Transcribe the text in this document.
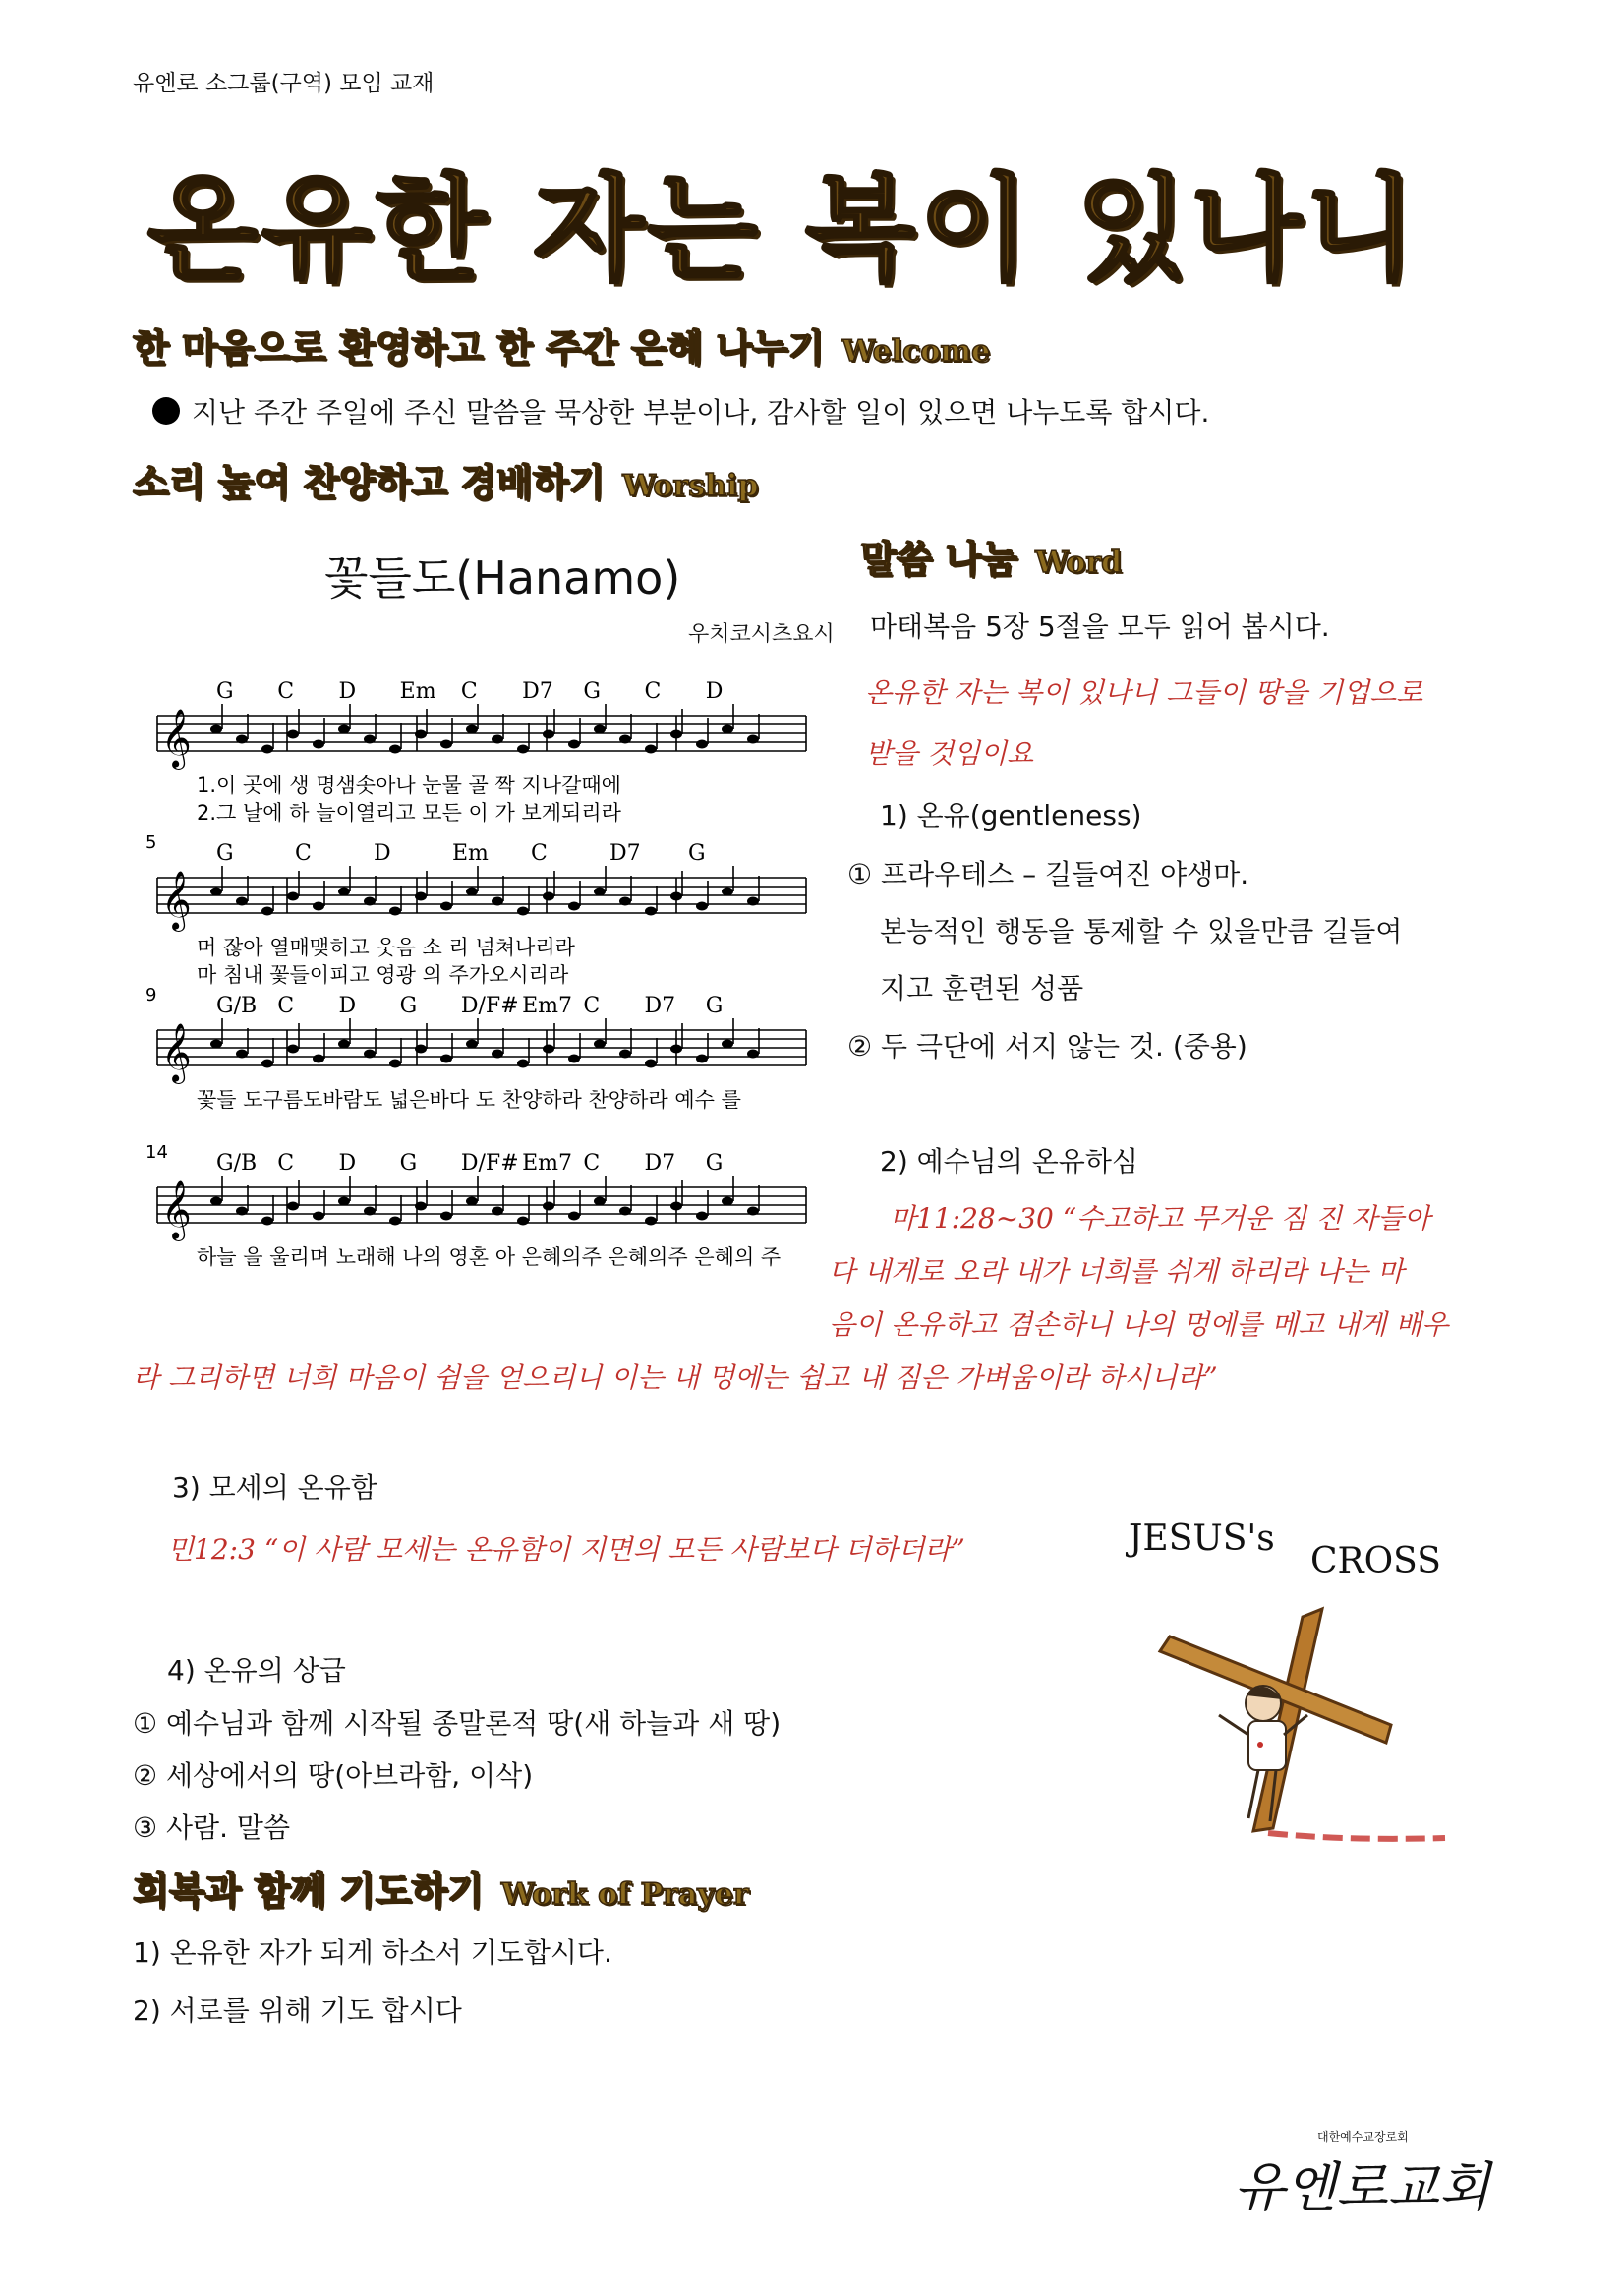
유엔로 소그룹(구역) 모임 교재
온유한 자는 복이 있나니
한 마음으로 환영하고 한 주간 은혜 나누기 Welcome
지난 주간 주일에 주신 말씀을 묵상한 부분이나, 감사할 일이 있으면 나누도록 합시다.
소리 높여 찬양하고 경배하기 Worship
꽃들도(Hanamo)
우치코시츠요시
G C D Em C D7 G C D
𝄞
1.이 곳에 생 명샘솟아나 눈물 골 짝 지나갈때에
2.그 날에 하 늘이열리고 모든 이 가 보게되리라
5	G	C	D	Em C	D7 G
𝄞
머 잖아 열매맺히고 웃음 소 리 넘쳐나리라
마 침내 꽃들이피고 영광 의 주가오시리라
9	G/B C D G D/F# Em7 C D7 G
𝄞
꽃들 도구름도바람도 넓은바다 도 찬양하라 찬양하라 예수 를
14 G/B C D G D/F# Em7 C D7 G
𝄞
하늘 을 울리며 노래해 나의 영혼 아 은혜의주 은혜의주 은혜의 주
말씀 나눔 Word
마태복음 5장 5절을 모두 읽어 봅시다.
온유한 자는 복이 있나니 그들이 땅을 기업으로
받을 것임이요
1) 온유(gentleness)
① 프라우테스 – 길들여진 야생마.
본능적인 행동을 통제할 수 있을만큼 길들여
지고 훈련된 성품
② 두 극단에 서지 않는 것. (중용)
2) 예수님의 온유하심
마11:28~30 “수고하고 무거운 짐 진 자들아
다 내게로 오라 내가 너희를 쉬게 하리라 나는 마
음이 온유하고 겸손하니 나의 멍에를 메고 내게 배우
라 그리하면 너희 마음이 쉼을 얻으리니 이는 내 멍에는 쉽고 내 짐은 가벼움이라 하시니라”
3) 모세의 온유함
민12:3 “이 사람 모세는 온유함이 지면의 모든 사람보다 더하더라”
4) 온유의 상급
① 예수님과 함께 시작될 종말론적 땅(새 하늘과 새 땅)
② 세상에서의 땅(아브라함, 이삭)
③ 사람. 말씀
JESUS's
CROSS
회복과 함께 기도하기 Work of Prayer
1) 온유한 자가 되게 하소서 기도합시다.
2) 서로를 위해 기도 합시다
대한예수교장로회
유엔로교회
